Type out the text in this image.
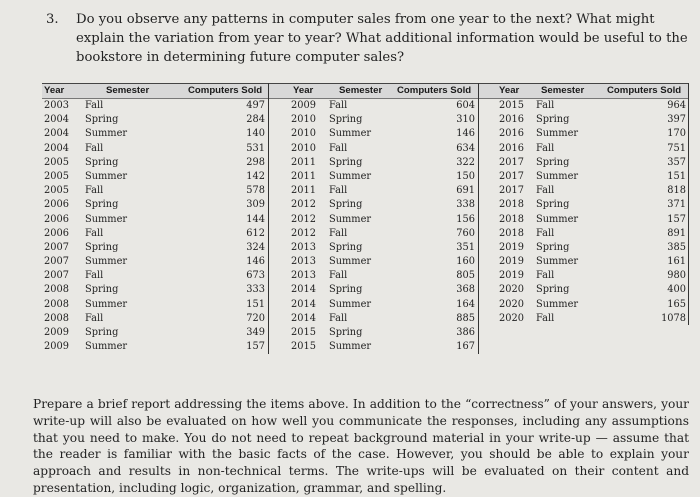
3. Do you observe any patterns in computer sales from one year to the next? What might explain the variation from year to year? What additional information would be useful to the bookstore in determining future computer sales?
Year	Semester	Computers Sold
2003 Fall	497
2004 Spring	284
2004 Summer	140
2004 Fall	531
2005 Spring	298
2005 Summer	142
2005 Fall	578
2006 Spring	309
2006 Summer	144
2006 Fall	612
2007 Spring	324
2007 Summer	146
2007 Fall	673
2008 Spring	333
2008 Summer	151
2008 Fall	720
2009 Spring	349
2009 Summer	157
Year	Semester Computers Sold
2009 Fall	604
2010 Spring	310
2010 Summer	146
2010 Fall	634
2011 Spring	322
2011 Summer	150
2011 Fall	691
2012 Spring	338
2012 Summer	156
2012 Fall	760
2013 Spring	351
2013 Summer	160
2013 Fall	805
2014 Spring	368
2014 Summer	164
2014 Fall	885
2015 Spring	386
2015 Summer	167
Year Semester Computers Sold
2015 Fall	964
2016 Spring	397
2016 Summer	170
2016 Fall	751
2017 Spring	357
2017 Summer	151
2017 Fall	818
2018 Spring	371
2018 Summer	157
2018 Fall	891
2019 Spring	385
2019 Summer	161
2019 Fall	980
2020 Spring	400
2020 Summer	165
2020 Fall	1078
Prepare a brief report addressing the items above. In addition to the “correctness” of your answers, your write-up will also be evaluated on how well you communicate the responses, including any assumptions that you need to make. You do not need to repeat background material in your write-up — assume that the reader is familiar with the basic facts of the case. However, you should be able to explain your approach and results in non-technical terms. The write-ups will be evaluated on their content and presentation, including logic, organization, grammar, and spelling.
